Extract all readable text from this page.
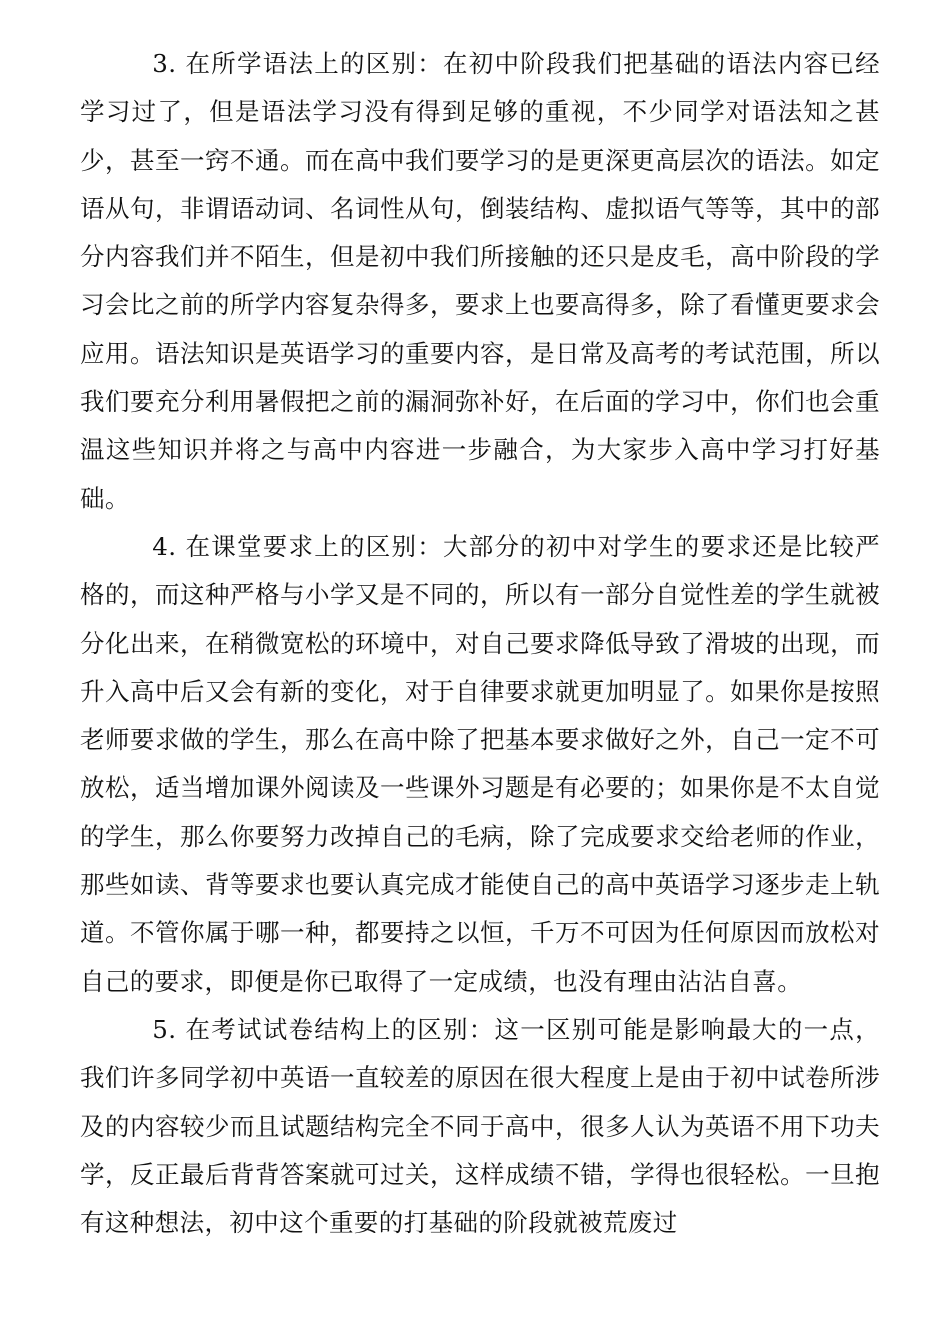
3. 在所学语法上的区别：在初中阶段我们把基础的语法内容已经学习过了，但是语法学习没有得到足够的重视，不少同学对语法知之甚少，甚至一窍不通。而在高中我们要学习的是更深更高层次的语法。如定语从句，非谓语动词、名词性从句，倒装结构、虚拟语气等等，其中的部分内容我们并不陌生，但是初中我们所接触的还只是皮毛，高中阶段的学习会比之前的所学内容复杂得多，要求上也要高得多，除了看懂更要求会应用。语法知识是英语学习的重要内容，是日常及高考的考试范围，所以我们要充分利用暑假把之前的漏洞弥补好，在后面的学习中，你们也会重温这些知识并将之与高中内容进一步融合，为大家步入高中学习打好基础。

4. 在课堂要求上的区别：大部分的初中对学生的要求还是比较严格的，而这种严格与小学又是不同的，所以有一部分自觉性差的学生就被分化出来，在稍微宽松的环境中，对自己要求降低导致了滑坡的出现，而升入高中后又会有新的变化，对于自律要求就更加明显了。如果你是按照老师要求做的学生，那么在高中除了把基本要求做好之外，自己一定不可放松，适当增加课外阅读及一些课外习题是有必要的；如果你是不太自觉的学生，那么你要努力改掉自己的毛病，除了完成要求交给老师的作业，那些如读、背等要求也要认真完成才能使自己的高中英语学习逐步走上轨道。不管你属于哪一种，都要持之以恒，千万不可因为任何原因而放松对自己的要求，即便是你已取得了一定成绩，也没有理由沾沾自喜。

5. 在考试试卷结构上的区别：这一区别可能是影响最大的一点，我们许多同学初中英语一直较差的原因在很大程度上是由于初中试卷所涉及的内容较少而且试题结构完全不同于高中，很多人认为英语不用下功夫学，反正最后背背答案就可过关，这样成绩不错，学得也很轻松。一旦抱有这种想法，初中这个重要的打基础的阶段就被荒废过
